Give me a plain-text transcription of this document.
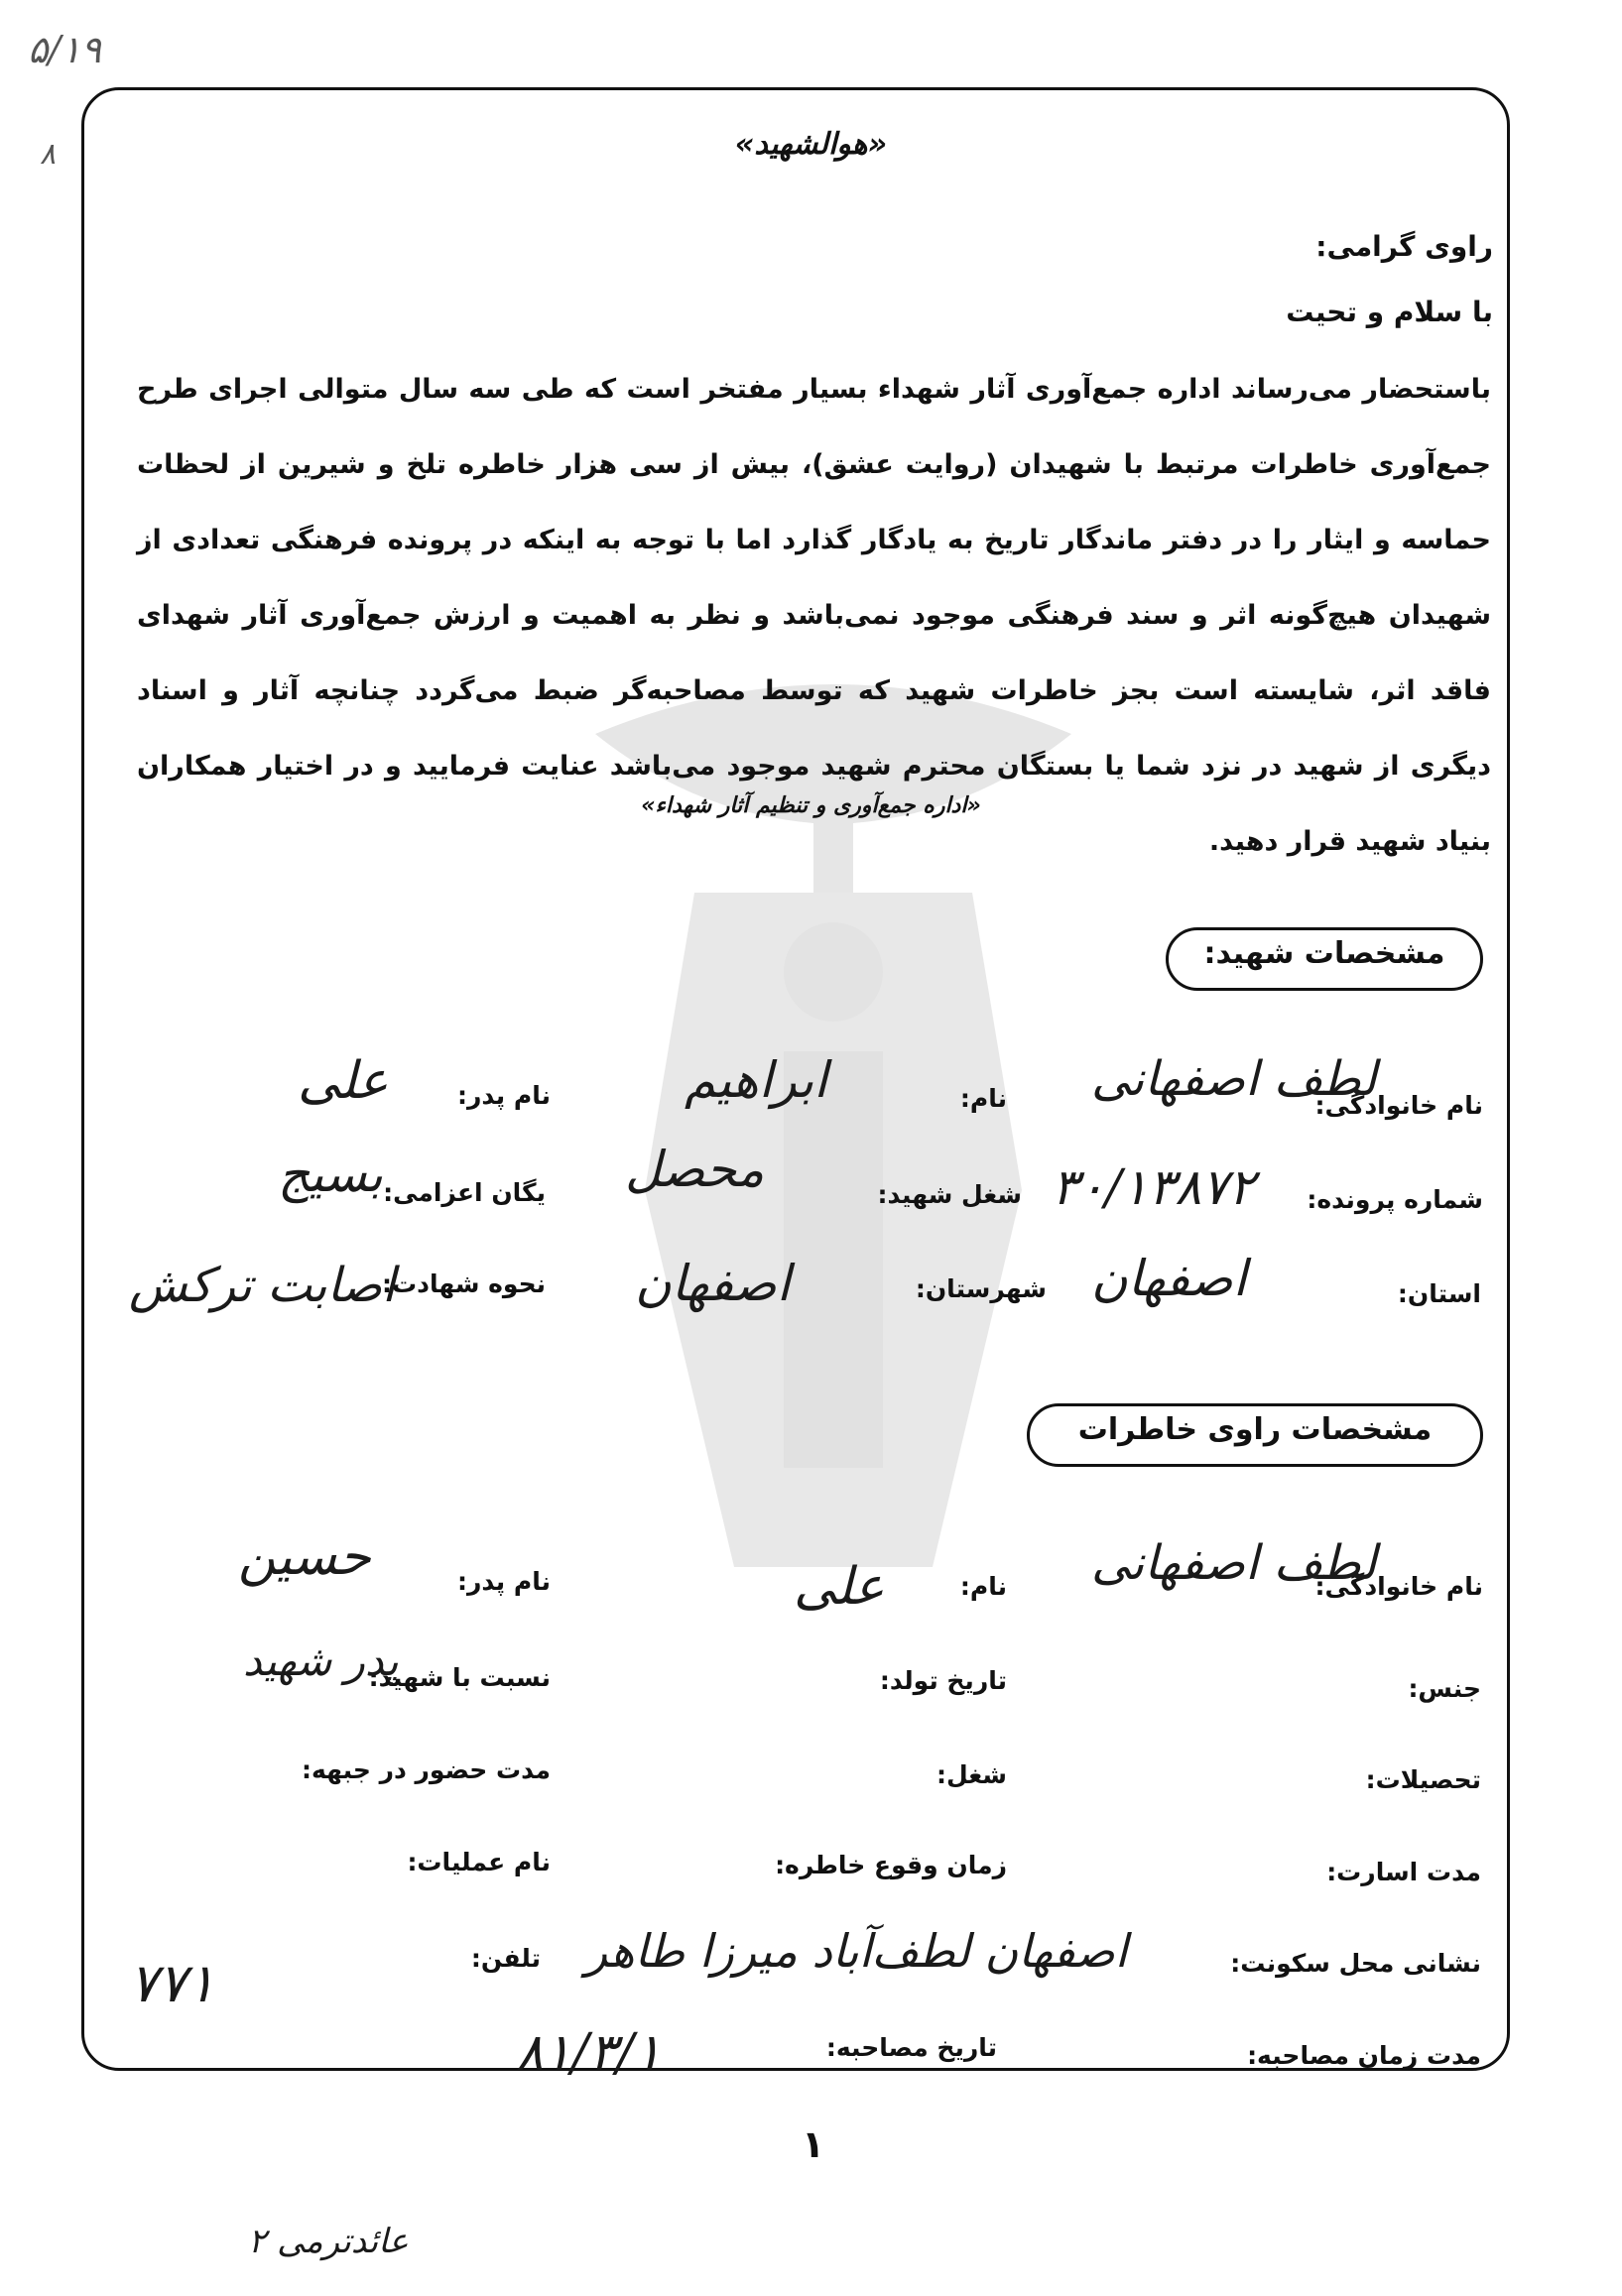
۵/۱۹
۸	«هوالشهید»
راوی گرامی:
با سلام و تحیت
باستحضار می‌رساند اداره جمع‌آوری آثار شهداء بسیار مفتخر است که طی سه سال متوالی اجرای طرح جمع‌آوری خاطرات مرتبط با شهیدان (روایت عشق)، بیش از سی هزار خاطره تلخ و شیرین از لحظات حماسه و ایثار را در دفتر ماندگار تاریخ به یادگار گذارد اما با توجه به اینکه در پرونده فرهنگی تعدادی از شهیدان هیچ‌گونه اثر و سند فرهنگی موجود نمی‌باشد و نظر به اهمیت و ارزش جمع‌آوری آثار شهدای فاقد اثر، شایسته است بجز خاطرات شهید که توسط مصاحبه‌گر ضبط می‌گردد چنانچه آثار و اسناد دیگری از شهید در نزد شما یا بستگان محترم شهید موجود می‌باشد عنایت فرمایید و در اختیار همکاران بنیاد شهید قرار دهید.
«اداره جمع‌آوری و تنظیم آثار شهداء»
مشخصات شهید:
نام خانوادگی:
لطف اصفهانی
نام:
ابراهیم
نام پدر:
علی
شماره پرونده:
۳۰/۱۳۸۷۲
شغل شهید:
محصل
یگان اعزامی:
بسیج
استان:
اصفهان
شهرستان:
اصفهان
نحوه شهادت:
اصابت ترکش
مشخصات راوی خاطرات
نام خانوادگی:
لطف اصفهانی
نام:
علی
نام پدر:
حسین
جنس:
تاریخ تولد:
نسبت با شهید:
پدر شهید
تحصیلات:
شغل:
مدت حضور در جبهه:
مدت اسارت:
زمان وقوع خاطره:
نام عملیات:
نشانی محل سکونت:
اصفهان لطف‌آباد میرزا طاهر
تلفن:
۷۷۱
مدت زمان مصاحبه:
تاریخ مصاحبه:
۸۱/۳/۱
۱
عائدترمی ۲
